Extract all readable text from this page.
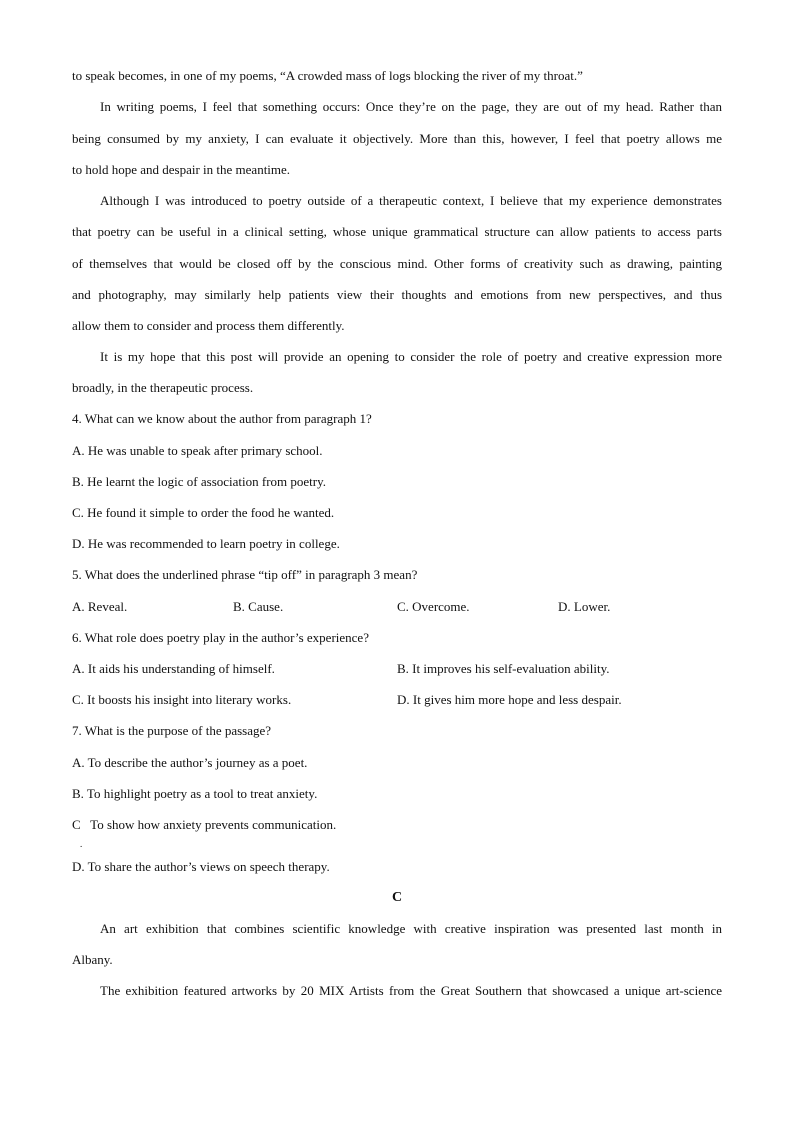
to speak becomes, in one of my poems, “A crowded mass of logs blocking the river of my throat.”
In writing poems, I feel that something occurs: Once they’re on the page, they are out of my head. Rather than
being consumed by my anxiety, I can evaluate it objectively. More than this, however, I feel that poetry allows me
to hold hope and despair in the meantime.
Although I was introduced to poetry outside of a therapeutic context, I believe that my experience demonstrates
that poetry can be useful in a clinical setting, whose unique grammatical structure can allow patients to access parts
of themselves that would be closed off by the conscious mind. Other forms of creativity such as drawing, painting
and photography, may similarly help patients view their thoughts and emotions from new perspectives, and thus
allow them to consider and process them differently.
It is my hope that this post will provide an opening to consider the role of poetry and creative expression more
broadly, in the therapeutic process.
4. What can we know about the author from paragraph 1?
A. He was unable to speak after primary school.
B. He learnt the logic of association from poetry.
C. He found it simple to order the food he wanted.
D. He was recommended to learn poetry in college.
5. What does the underlined phrase “tip off” in paragraph 3 mean?
A. Reveal.	B. Cause.	C. Overcome.	D. Lower.
6. What role does poetry play in the author’s experience?
A. It aids his understanding of himself.	B. It improves his self-evaluation ability.
C. It boosts his insight into literary works.	D. It gives him more hope and less despair.
7. What is the purpose of the passage?
A. To describe the author’s journey as a poet.
B. To highlight poetry as a tool to treat anxiety.
C   To show how anxiety prevents communication.
.
D. To share the author’s views on speech therapy.
C
An art exhibition that combines scientific knowledge with creative inspiration was presented last month in
Albany.
The exhibition featured artworks by 20 MIX Artists from the Great Southern that showcased a unique art-science
